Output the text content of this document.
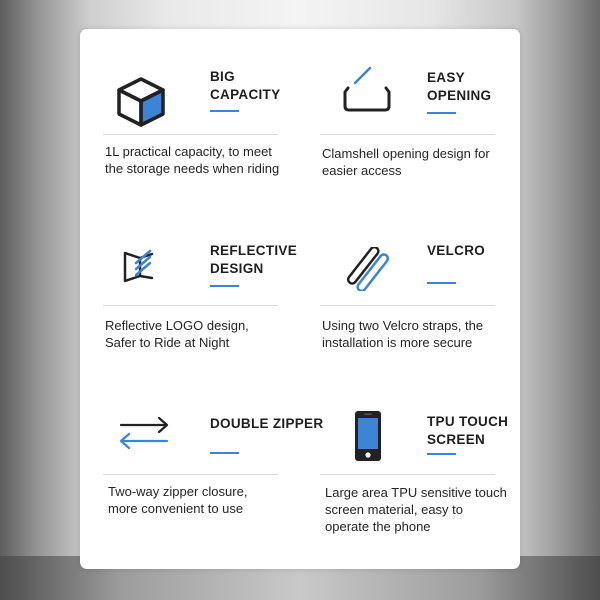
BIG
CAPACITY
1L practical capacity, to meet
the storage needs when riding
EASY
OPENING
Clamshell opening design for
easier access
REFLECTIVE
DESIGN
Reflective LOGO design,
Safer to Ride at Night
VELCRO
Using two Velcro straps, the
installation is more secure
DOUBLE ZIPPER
Two-way zipper closure,
more convenient to use
TPU TOUCH
SCREEN
Large area TPU sensitive touch
screen material, easy to
operate the phone
